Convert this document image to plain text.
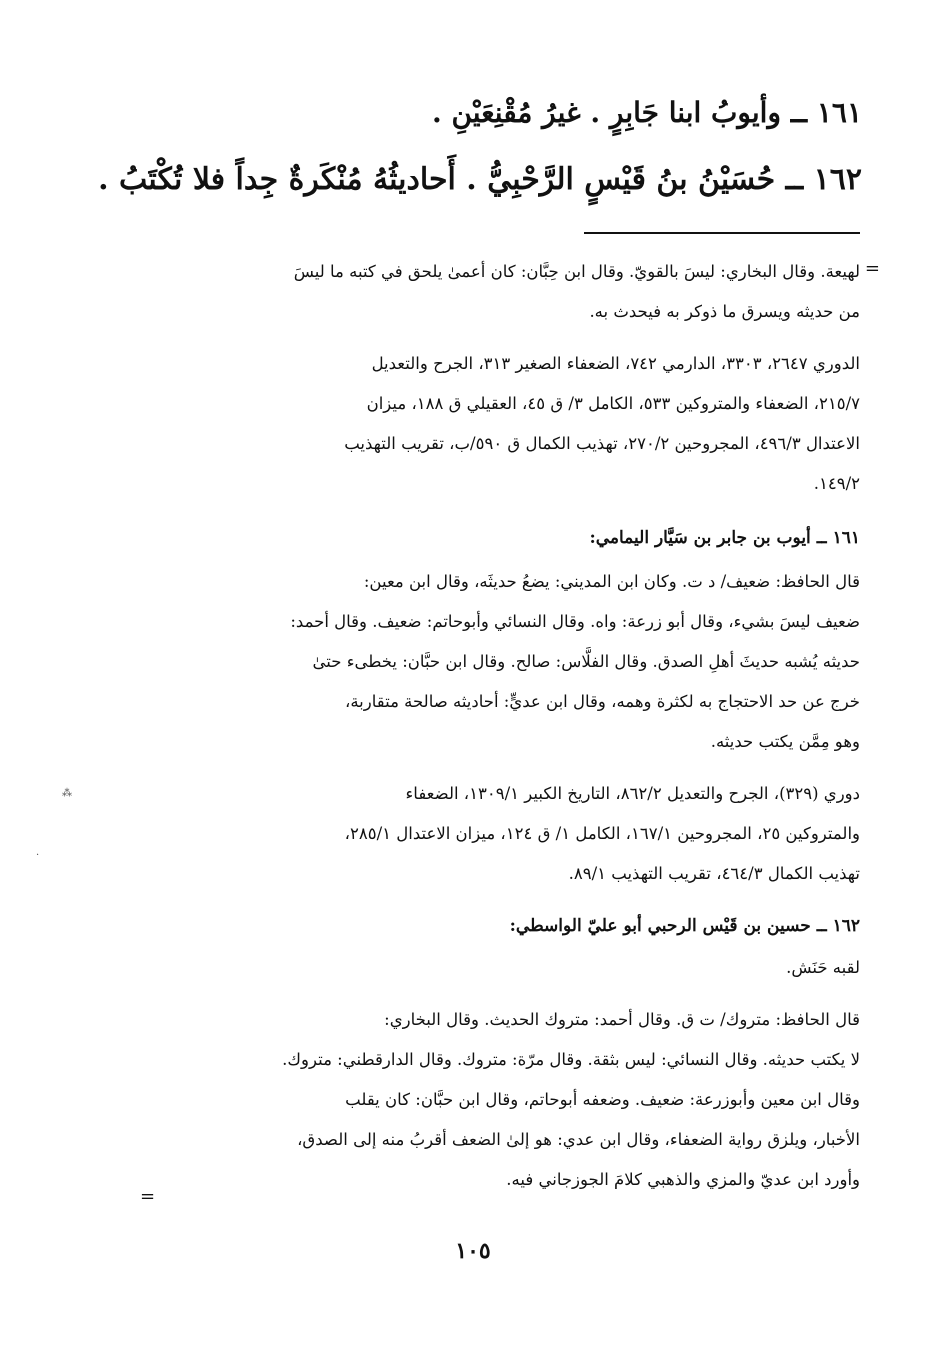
١٦١ ــ وأيوبُ ابنا جَابِرٍ . غيرُ مُقْنِعَيْنِ .
١٦٢ ــ حُسَيْنُ بنُ قَيْسٍ الرَّحْبِيُّ . أَحاديثُهُ مُنْكَرةٌ جِداً فلا تُكْتَبُ .
=

لهيعة. وقال البخاري: ليسَ بالقويّ. وقال ابن حِبَّان: كان أعمىٰ يلحق في كتبه ما ليسَ

من حديثه ويسرق ما ذوكر به فيحدث به.

الدوري ٢٦٤٧، ٣٣٠٣، الدارمي ٧٤٢، الضعفاء الصغير ٣١٣، الجرح والتعديل

٢١٥/٧، الضعفاء والمتروكين ٥٣٣، الكامل ٣/ ق ٤٥، العقيلي ق ١٨٨، ميزان

الاعتدال ٤٩٦/٣، المجروحين ٢٧٠/٢، تهذيب الكمال ق ٥٩٠/ب، تقريب التهذيب

١٤٩/٢.

١٦١ ــ أيوب بن جابر بن سَيَّار اليمامي:

قال الحافظ: ضعيف/ د ت. وكان ابن المديني: يضعُ حديثَه، وقال ابن معين:

ضعيف ليسَ بشيء، وقال أبو زرعة: واه. وقال النسائي وأبوحاتم: ضعيف. وقال أحمد:

حديثه يُشبه حديثَ أهلِ الصدق. وقال الفلَّاس: صالح. وقال ابن حبَّان: يخطىء حتىٰ

خرج عن حد الاحتجاج به لكثرة وهمه، وقال ابن عديٍّ: أحاديثه صالحة متقاربة،

وهو مِمَّن يكتب حديثه.

دوري (٣٢٩)، الجرح والتعديل ٨٦٢/٢، التاريخ الكبير ١٣٠٩/١، الضعفاء

والمتروكين ٢٥، المجروحين ١٦٧/١، الكامل ١/ ق ١٢٤، ميزان الاعتدال ٢٨٥/١،

تهذيب الكمال ٤٦٤/٣، تقريب التهذيب ٨٩/١.

١٦٢ ــ حسين بن قَيْس الرحبي أبو عليّ الواسطي:
لقبه حَنَش.

قال الحافظ: متروك/ ت ق. وقال أحمد: متروك الحديث. وقال البخاري:

لا يكتب حديثه. وقال النسائي: ليس بثقة. وقال مرّة: متروك. وقال الدارقطني: متروك.

وقال ابن معين وأبوزرعة: ضعيف. وضعفه أبوحاتم، وقال ابن حبَّان: كان يقلب

الأخبار، ويلزق رواية الضعفاء، وقال ابن عدي: هو إلىٰ الضعف أقربُ منه إلى الصدق،

وأورد ابن عديّ والمزي والذهبي كلامَ الجوزجاني فيه.

=
١٠٥
⁂
·
